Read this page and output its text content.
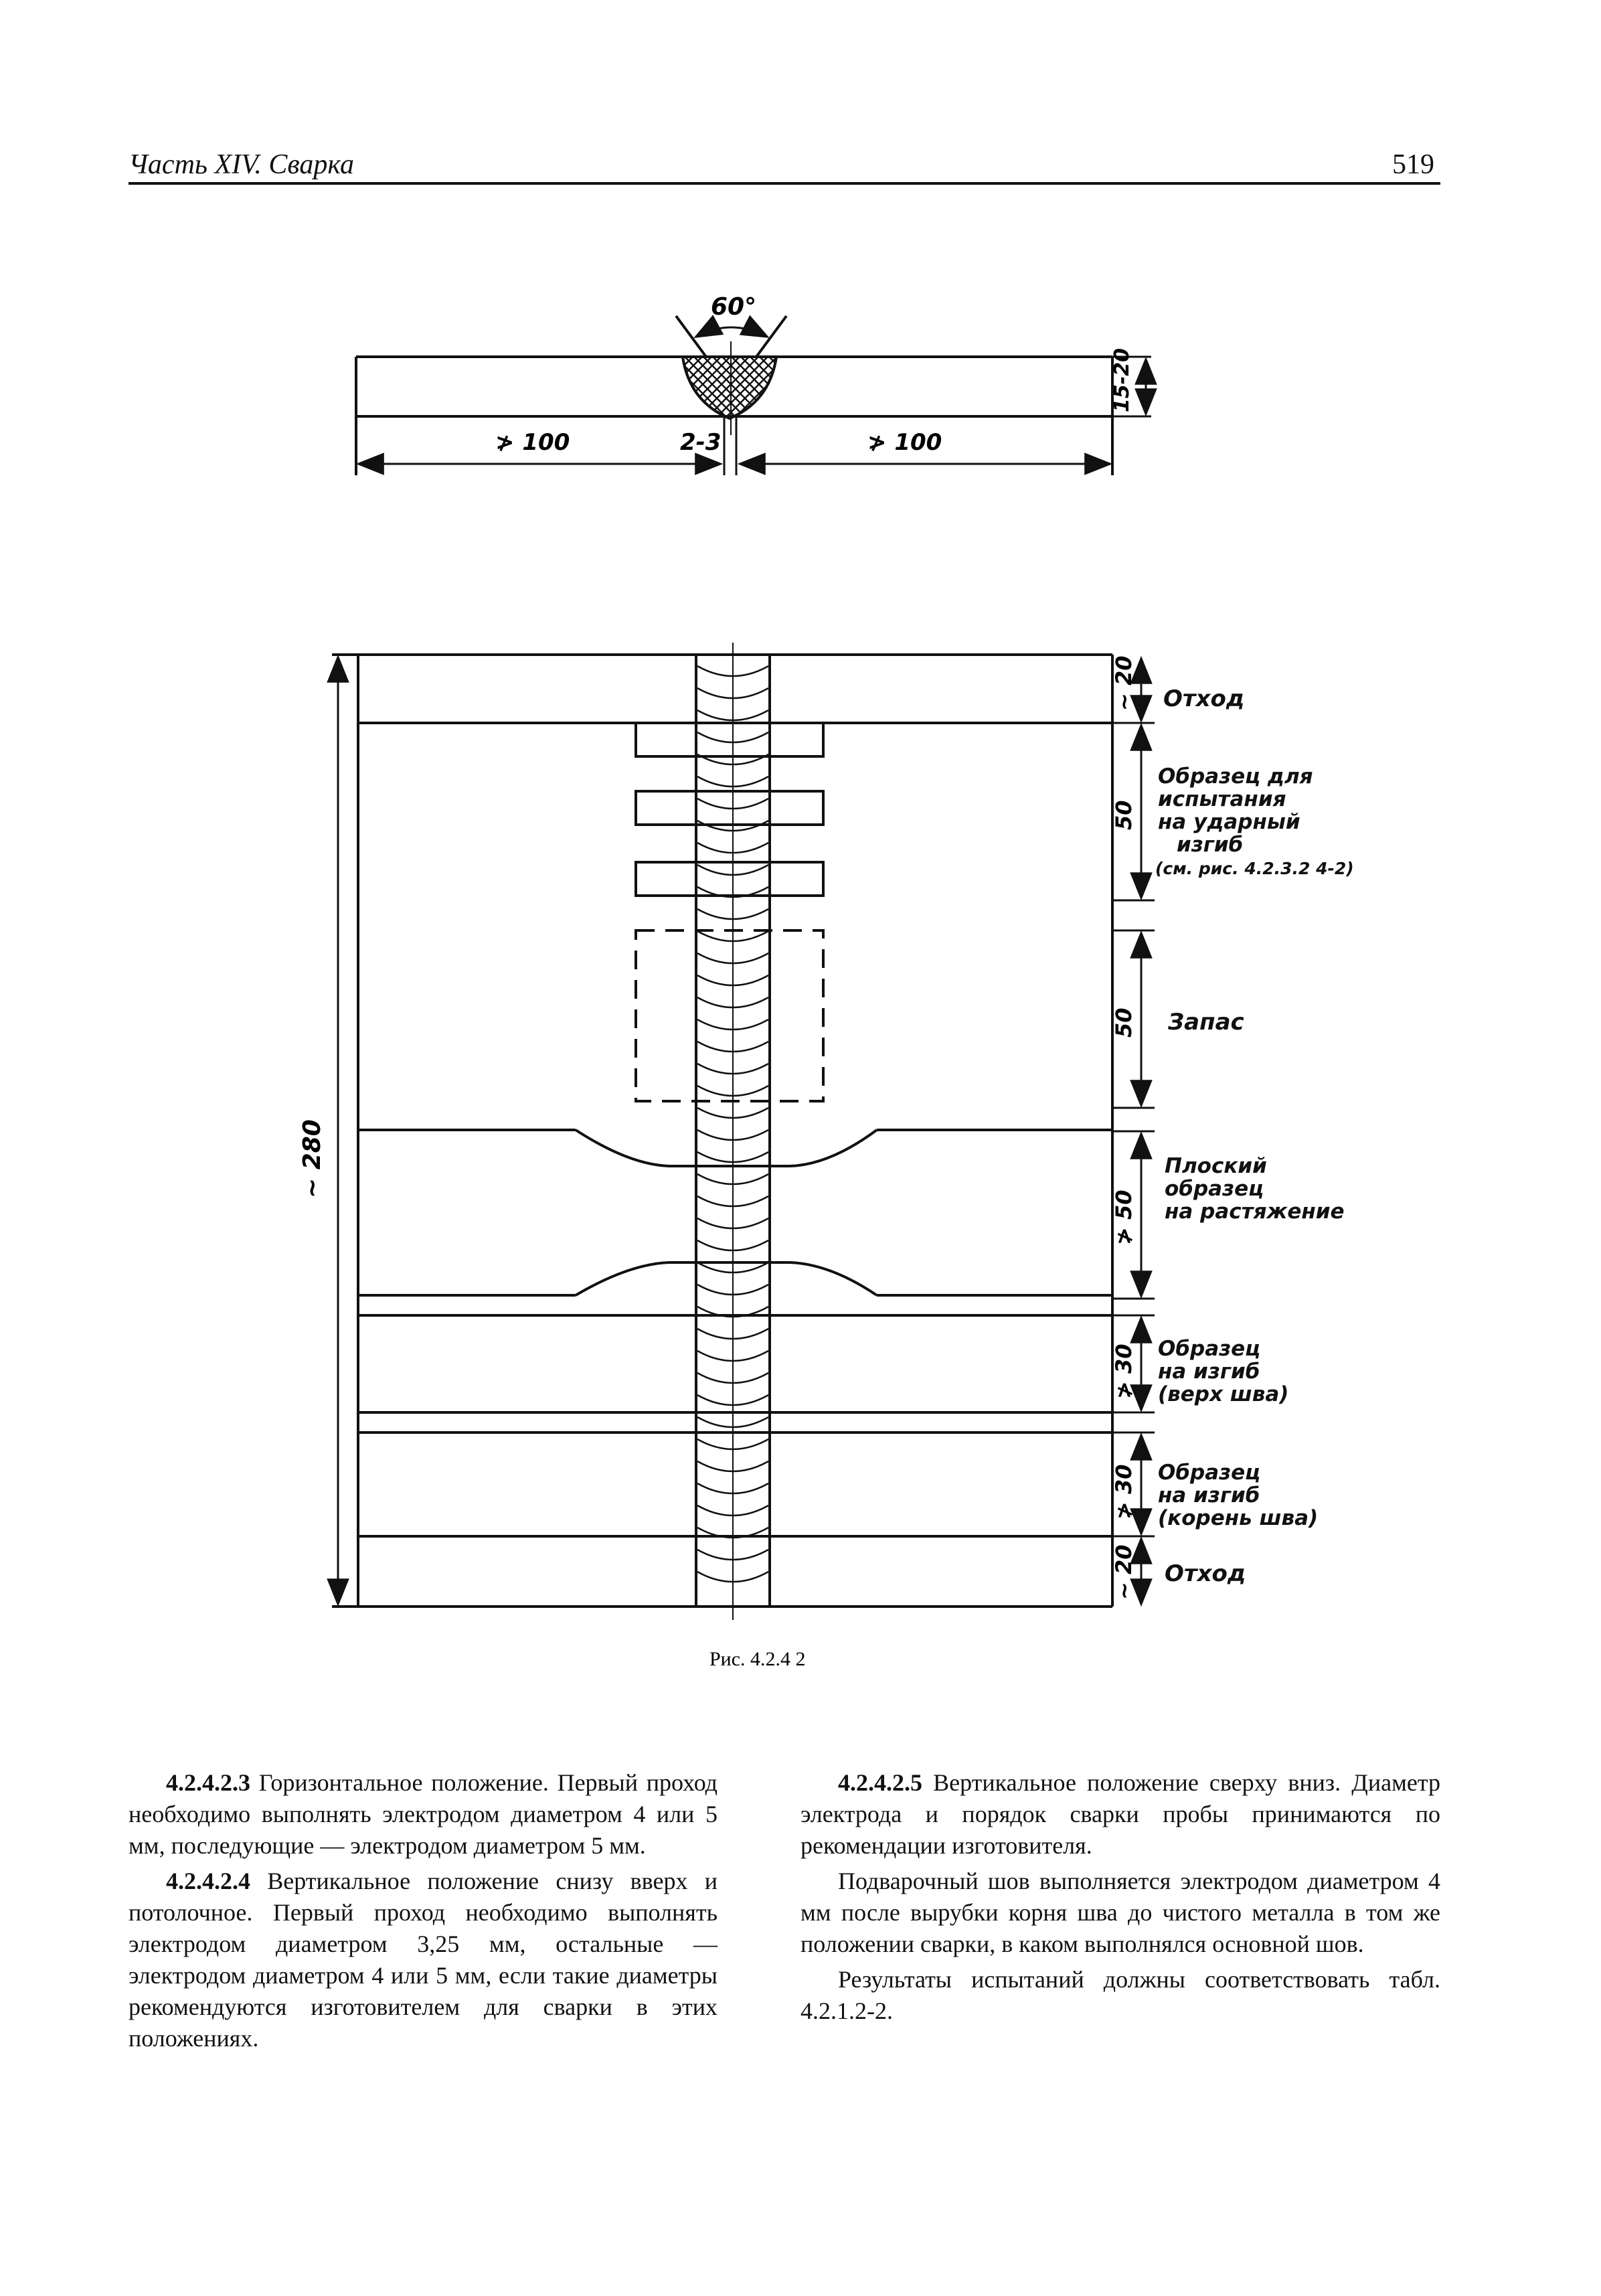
Часть XIV. Сварка	519
60°
15-20
≯ 100	2-3	≯ 100
~ 280
~ 20
50
50
≯ 50
≯ 30
≯ 30
~ 20
Отход
Образец для
испытания
на ударный
изгиб
(см. рис. 4.2.3.2 4-2)
Запас
Плоский
образец
на растяжение
Образец
на изгиб
(верх шва)
Образец
на изгиб
(корень шва)
Отход
Рис. 4.2.4 2

4.2.4.2.3 Горизонтальное положение. Первый проход необходимо выполнять электродом диаметром 4 или 5 мм, последующие — электродом диаметром 5 мм.

4.2.4.2.4 Вертикальное положение снизу вверх и потолочное. Первый проход необходимо выполнять электродом диаметром 3,25 мм, остальные — электродом диаметром 4 или 5 мм, если такие диаметры рекомендуются изготовителем для сварки в этих положениях.

4.2.4.2.5 Вертикальное положение сверху вниз. Диаметр электрода и порядок сварки пробы принимаются по рекомендации изготовителя.

Подварочный шов выполняется электродом диаметром 4 мм после вырубки корня шва до чистого металла в том же положении сварки, в каком выполнялся основной шов.

Результаты испытаний должны соответствовать табл. 4.2.1.2-2.
